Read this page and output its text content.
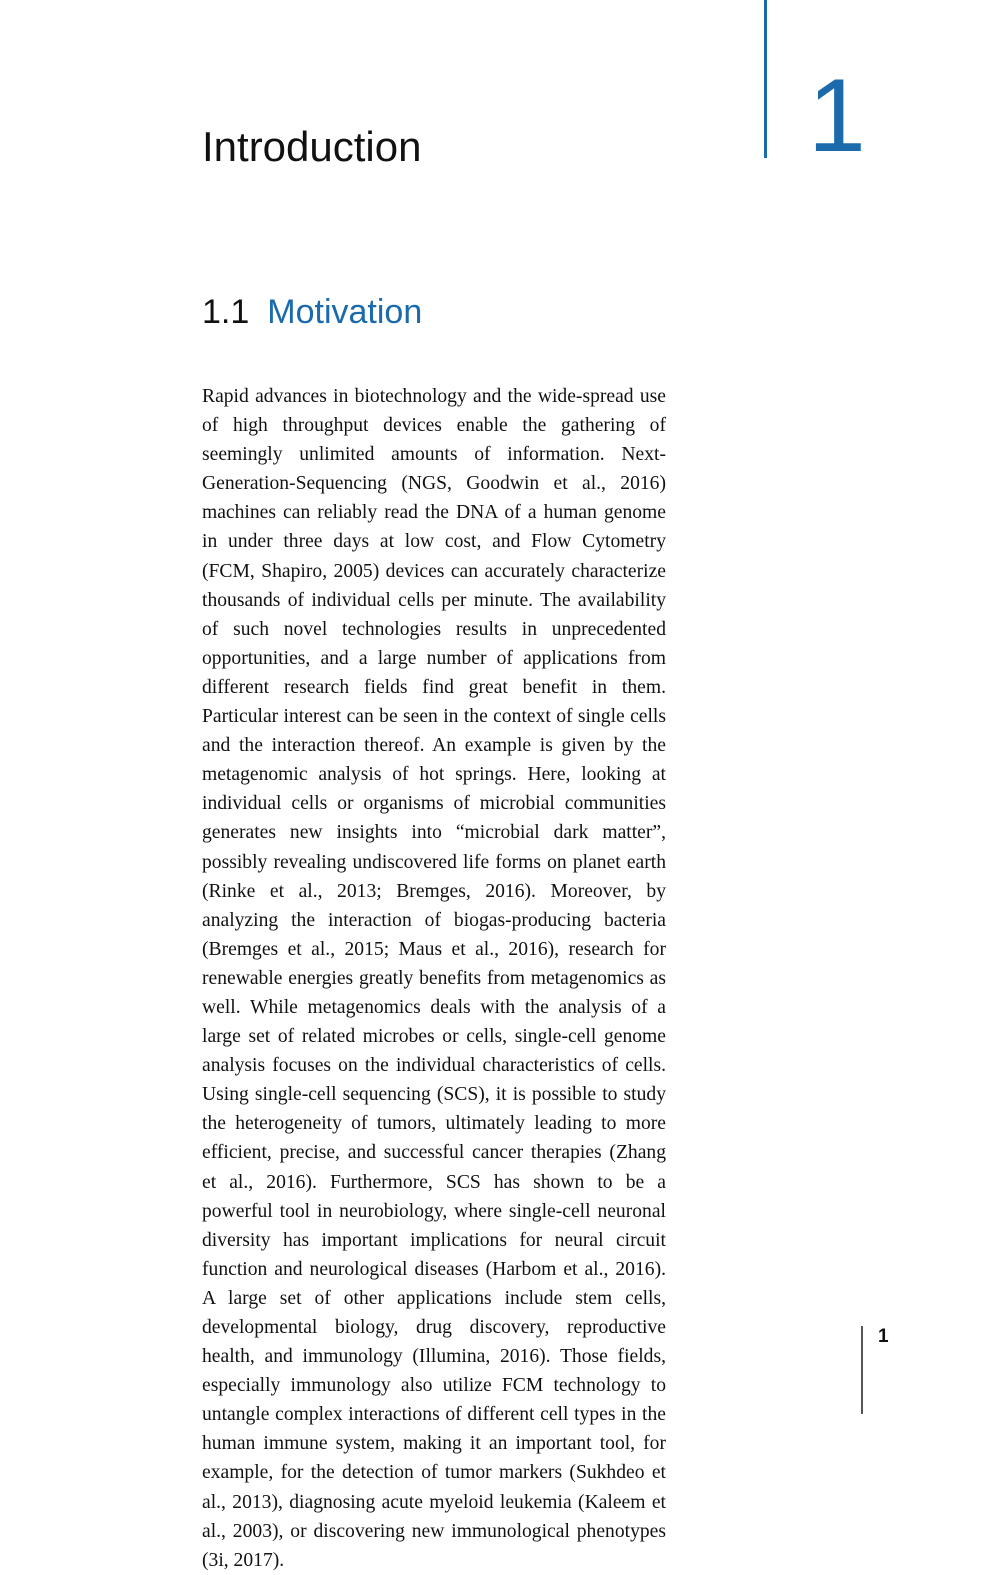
1
Introduction
1.1 Motivation

Rapid advances in biotechnology and the wide-spread use of high throughput devices enable the gathering of seemingly unlimited amounts of information. Next-Generation-Sequencing (NGS, Goodwin et al., 2016) machines can reliably read the DNA of a human genome in under three days at low cost, and Flow Cytometry (FCM, Shapiro, 2005) devices can accurately characterize thousands of individual cells per minute. The availability of such novel technologies results in unprecedented opportunities, and a large number of applications from different research fields find great benefit in them. Particular interest can be seen in the context of single cells and the interaction thereof. An example is given by the metagenomic analysis of hot springs. Here, looking at individual cells or organisms of microbial communities generates new insights into “microbial dark matter”, possibly revealing undiscovered life forms on planet earth (Rinke et al., 2013; Bremges, 2016). Moreover, by analyzing the interaction of biogas-producing bacteria (Bremges et al., 2015; Maus et al., 2016), research for renewable energies greatly benefits from metagenomics as well. While metagenomics deals with the analysis of a large set of related microbes or cells, single-cell genome analysis focuses on the individual characteristics of cells. Using single-cell sequencing (SCS), it is possible to study the heterogeneity of tumors, ultimately leading to more efficient, precise, and successful cancer therapies (Zhang et al., 2016). Furthermore, SCS has shown to be a powerful tool in neurobiology, where single-cell neuronal diversity has important implications for neural circuit function and neurological diseases (Harbom et al., 2016). A large set of other applications include stem cells, developmental biology, drug discovery, reproductive health, and immunology (Illumina, 2016). Those fields, especially immunology also utilize FCM technology to untangle complex interactions of different cell types in the human immune system, making it an important tool, for example, for the detection of tumor markers (Sukhdeo et al., 2013), diagnosing acute myeloid leukemia (Kaleem et al., 2003), or discovering new immunological phenotypes (3i, 2017).

1
